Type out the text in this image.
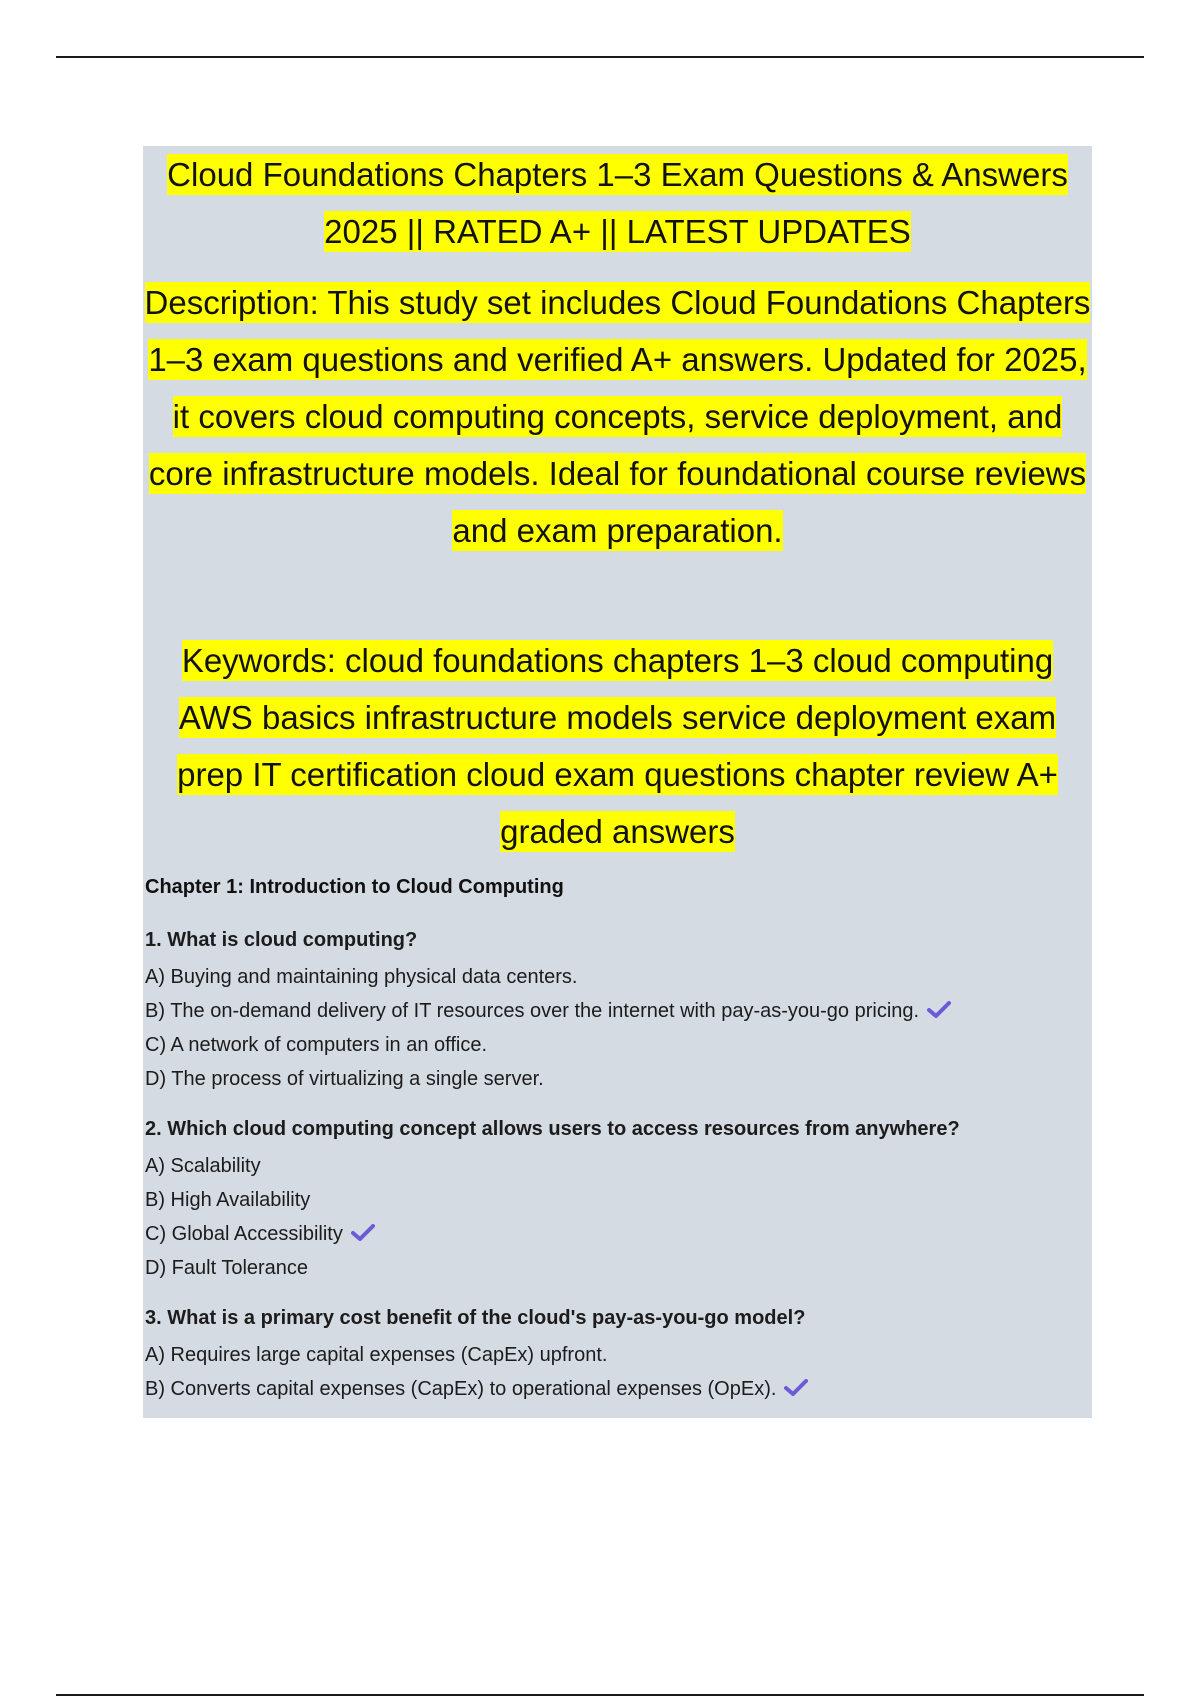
Cloud Foundations Chapters 1–3 Exam Questions & Answers 2025 || RATED A+ || LATEST UPDATES

Description: This study set includes Cloud Foundations Chapters 1–3 exam questions and verified A+ answers. Updated for 2025, it covers cloud computing concepts, service deployment, and core infrastructure models. Ideal for foundational course reviews and exam preparation.

Keywords: cloud foundations chapters 1–3 cloud computing AWS basics infrastructure models service deployment exam prep IT certification cloud exam questions chapter review A+ graded answers

Chapter 1: Introduction to Cloud Computing

1. What is cloud computing?

A) Buying and maintaining physical data centers.
B) The on-demand delivery of IT resources over the internet with pay-as-you-go pricing.
C) A network of computers in an office.
D) The process of virtualizing a single server.

2. Which cloud computing concept allows users to access resources from anywhere?

A) Scalability
B) High Availability
C) Global Accessibility
D) Fault Tolerance

3. What is a primary cost benefit of the cloud's pay-as-you-go model?

A) Requires large capital expenses (CapEx) upfront.
B) Converts capital expenses (CapEx) to operational expenses (OpEx).
